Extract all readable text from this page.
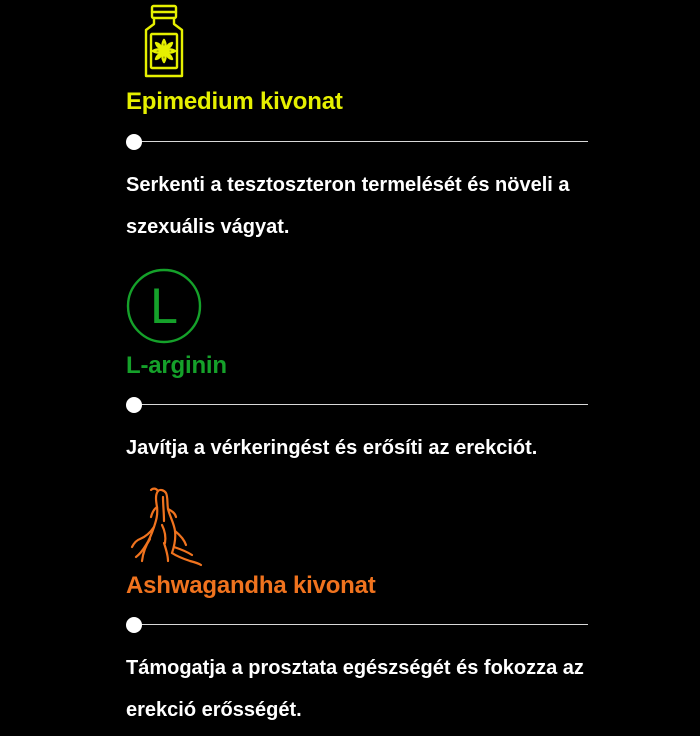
Epimedium kivonat
Serkenti a tesztoszteron termelését és növeli a szexuális vágyat.
L
L-arginin
Javítja a vérkeringést és erősíti az erekciót.
Ashwagandha kivonat
Támogatja a prosztata egészségét és fokozza az erekció erősségét.
